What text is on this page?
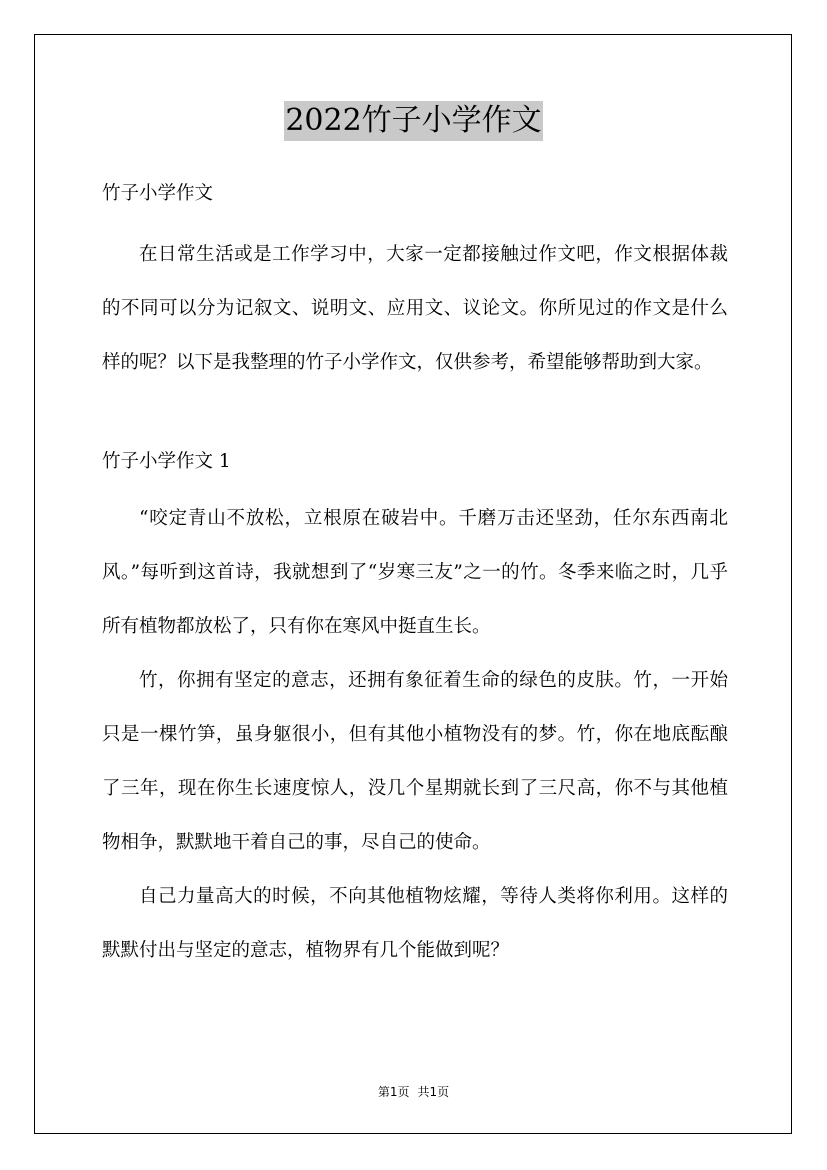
2022竹子小学作文

竹子小学作文

在日常生活或是工作学习中，大家一定都接触过作文吧，作文根据体裁的不同可以分为记叙文、说明文、应用文、议论文。你所见过的作文是什么样的呢？以下是我整理的竹子小学作文，仅供参考，希望能够帮助到大家。

竹子小学作文 1

“咬定青山不放松，立根原在破岩中。千磨万击还坚劲，任尔东西南北风。”每听到这首诗，我就想到了“岁寒三友”之一的竹。冬季来临之时，几乎所有植物都放松了，只有你在寒风中挺直生长。

竹，你拥有坚定的意志，还拥有象征着生命的绿色的皮肤。竹，一开始只是一棵竹笋，虽身躯很小，但有其他小植物没有的梦。竹，你在地底酝酿了三年，现在你生长速度惊人，没几个星期就长到了三尺高，你不与其他植物相争，默默地干着自己的事，尽自己的使命。

自己力量高大的时候，不向其他植物炫耀，等待人类将你利用。这样的默默付出与坚定的意志，植物界有几个能做到呢？

第1页 共1页
